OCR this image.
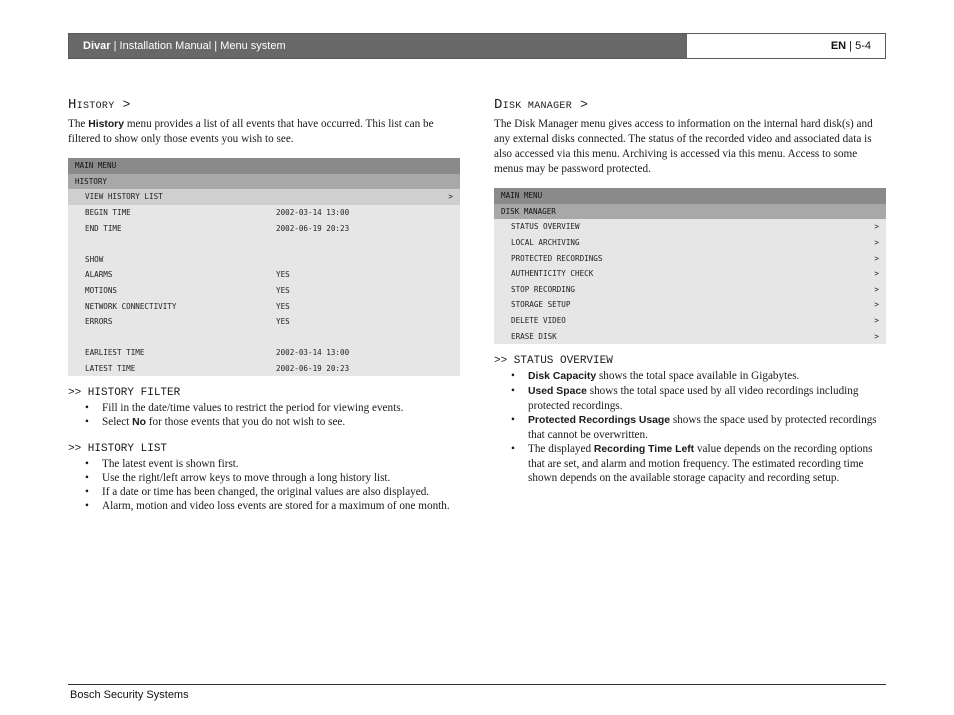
Divar | Installation Manual | Menu system	EN | 5-4
HISTORY >

The History menu provides a list of all events that have occurred. This list can be filtered to show only those events you wish to see.

MAIN MENU
HISTORY
VIEW HISTORY LIST	>
BEGIN TIME	2002-03-14 13:00
END TIME	2002-06-19 20:23
SHOW
ALARMS	YES
MOTIONS	YES
NETWORK CONNECTIVITY	YES
ERRORS	YES
EARLIEST TIME	2002-03-14 13:00
LATEST TIME	2002-06-19 20:23

>> HISTORY FILTER

• Fill in the date/time values to restrict the period for viewing events.
• Select No for those events that you do not wish to see.

>> HISTORY LIST

• The latest event is shown first.
• Use the right/left arrow keys to move through a long history list.
• If a date or time has been changed, the original values are also displayed.
• Alarm, motion and video loss events are stored for a maximum of one month.
DISK MANAGER >

The Disk Manager menu gives access to information on the internal hard disk(s) and any external disks connected. The status of the recorded video and associated data is also accessed via this menu. Archiving is accessed via this menu. Access to some menus may be password protected.

MAIN MENU
DISK MANAGER
STATUS OVERVIEW	>
LOCAL ARCHIVING	>
PROTECTED RECORDINGS	>
AUTHENTICITY CHECK	>
STOP RECORDING	>
STORAGE SETUP	>
DELETE VIDEO	>
ERASE DISK	>

>> STATUS OVERVIEW

• Disk Capacity shows the total space available in Gigabytes.
• Used Space shows the total space used by all video recordings including protected recordings.
• Protected Recordings Usage shows the space used by protected recordings that cannot be overwritten.
• The displayed Recording Time Left value depends on the recording options that are set, and alarm and motion frequency. The estimated recording time shown depends on the available storage capacity and recording setup.
Bosch Security Systems
